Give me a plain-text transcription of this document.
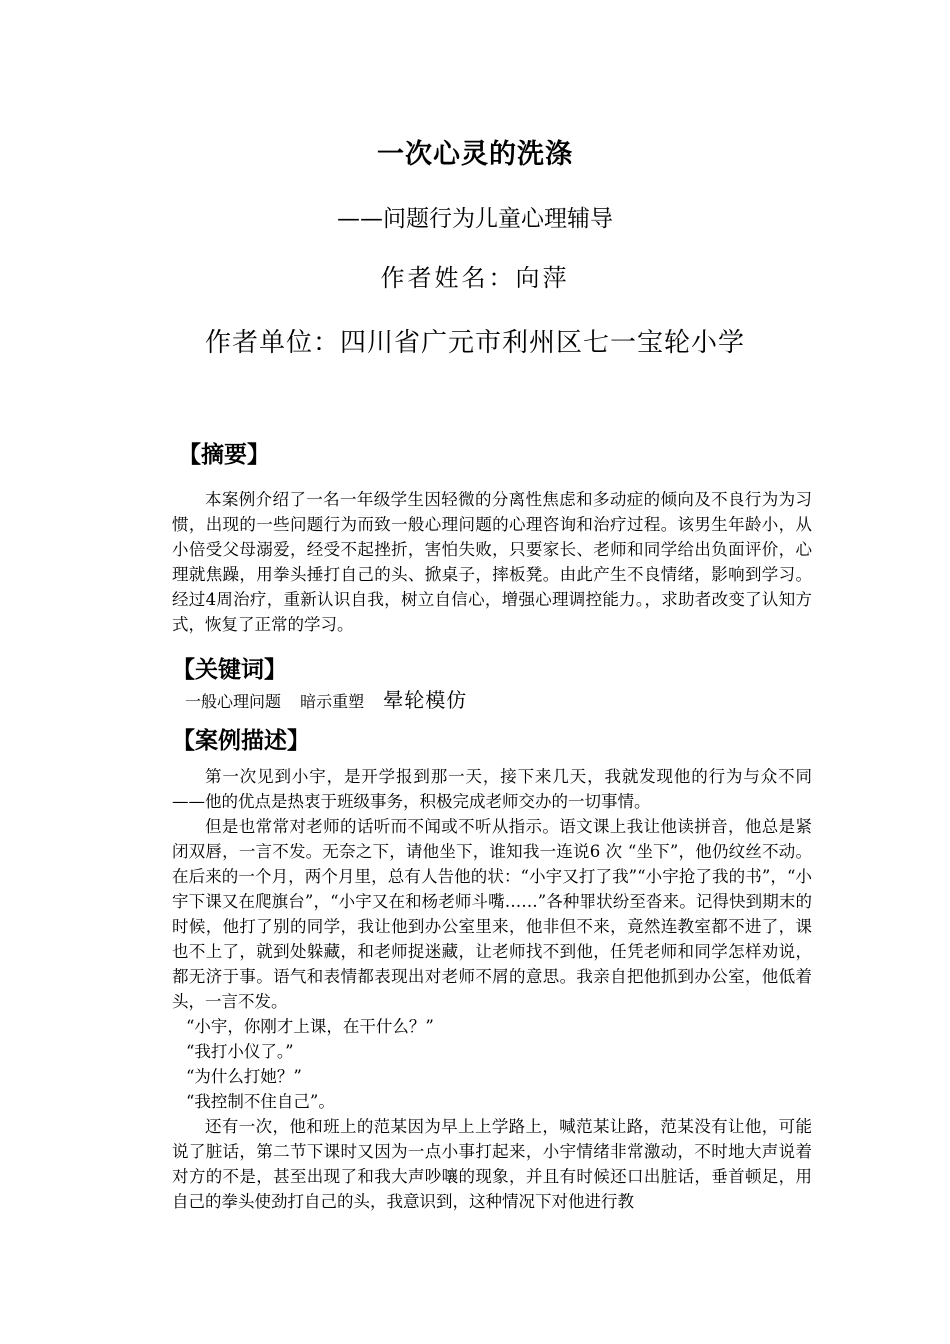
一次心灵的洗涤

——问题行为儿童心理辅导

作者姓名：向萍

作者单位：四川省广元市利州区七一宝轮小学

【摘要】

本案例介绍了一名一年级学生因轻微的分离性焦虑和多动症的倾向及不良行为为习惯，出现的一些问题行为而致一般心理问题的心理咨询和治疗过程。该男生年龄小，从小倍受父母溺爱，经受不起挫折，害怕失败，只要家长、老师和同学给出负面评价，心理就焦躁，用拳头捶打自己的头、掀桌子，摔板凳。由此产生不良情绪，影响到学习。经过4周治疗，重新认识自我，树立自信心，增强心理调控能力。，求助者改变了认知方式，恢复了正常的学习。

【关键词】

一般心理问题 暗示重塑 晕轮模仿

【案例描述】

第一次见到小宇，是开学报到那一天，接下来几天，我就发现他的行为与众不同——他的优点是热衷于班级事务，积极完成老师交办的一切事情。

但是也常常对老师的话听而不闻或不听从指示。语文课上我让他读拼音，他总是紧闭双唇，一言不发。无奈之下，请他坐下，谁知我一连说6 次 “坐下”，他仍纹丝不动。在后来的一个月，两个月里，总有人告他的状：“小宇又打了我”“小宇抢了我的书”，“小宇下课又在爬旗台”，“小宇又在和杨老师斗嘴……”各种罪状纷至沓来。记得快到期末的时候，他打了别的同学，我让他到办公室里来，他非但不来，竟然连教室都不进了，课也不上了，就到处躲藏，和老师捉迷藏，让老师找不到他，任凭老师和同学怎样劝说，都无济于事。语气和表情都表现出对老师不屑的意思。我亲自把他抓到办公室，他低着头，一言不发。

“小宇，你刚才上课，在干什么？”

“我打小仪了。”

“为什么打她？”

“我控制不住自己”。

还有一次，他和班上的范某因为早上上学路上，喊范某让路，范某没有让他，可能说了脏话，第二节下课时又因为一点小事打起来，小宇情绪非常激动，不时地大声说着对方的不是，甚至出现了和我大声吵嚷的现象，并且有时候还口出脏话，垂首顿足，用自己的拳头使劲打自己的头，我意识到，这种情况下对他进行教
